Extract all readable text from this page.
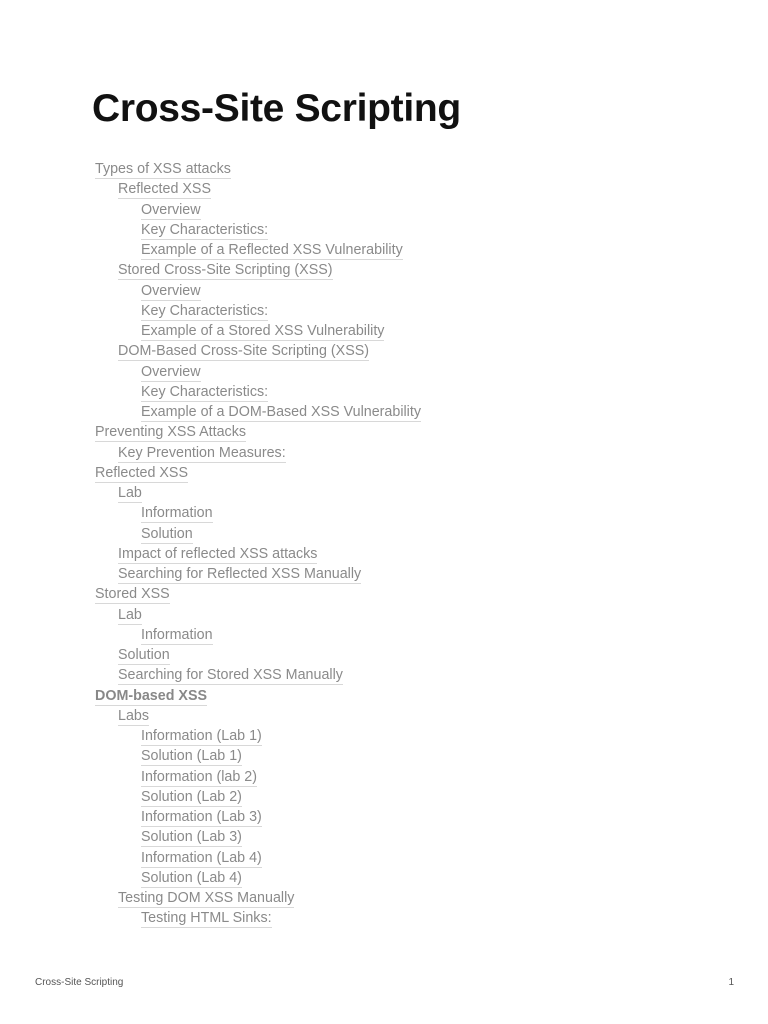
Cross-Site Scripting
Types of XSS attacks
Reflected XSS
Overview
Key Characteristics:
Example of a Reflected XSS Vulnerability
Stored Cross-Site Scripting (XSS)
Overview
Key Characteristics:
Example of a Stored XSS Vulnerability
DOM-Based Cross-Site Scripting (XSS)
Overview
Key Characteristics:
Example of a DOM-Based XSS Vulnerability
Preventing XSS Attacks
Key Prevention Measures:
Reflected XSS
Lab
Information
Solution
Impact of reflected XSS attacks
Searching for Reflected XSS Manually
Stored XSS
Lab
Information
Solution
Searching for Stored XSS Manually
DOM-based XSS
Labs
Information (Lab 1)
Solution (Lab 1)
Information (lab 2)
Solution (Lab 2)
Information (Lab 3)
Solution (Lab 3)
Information (Lab 4)
Solution (Lab 4)
Testing DOM XSS Manually
Testing HTML Sinks:
Cross-Site Scripting	1
